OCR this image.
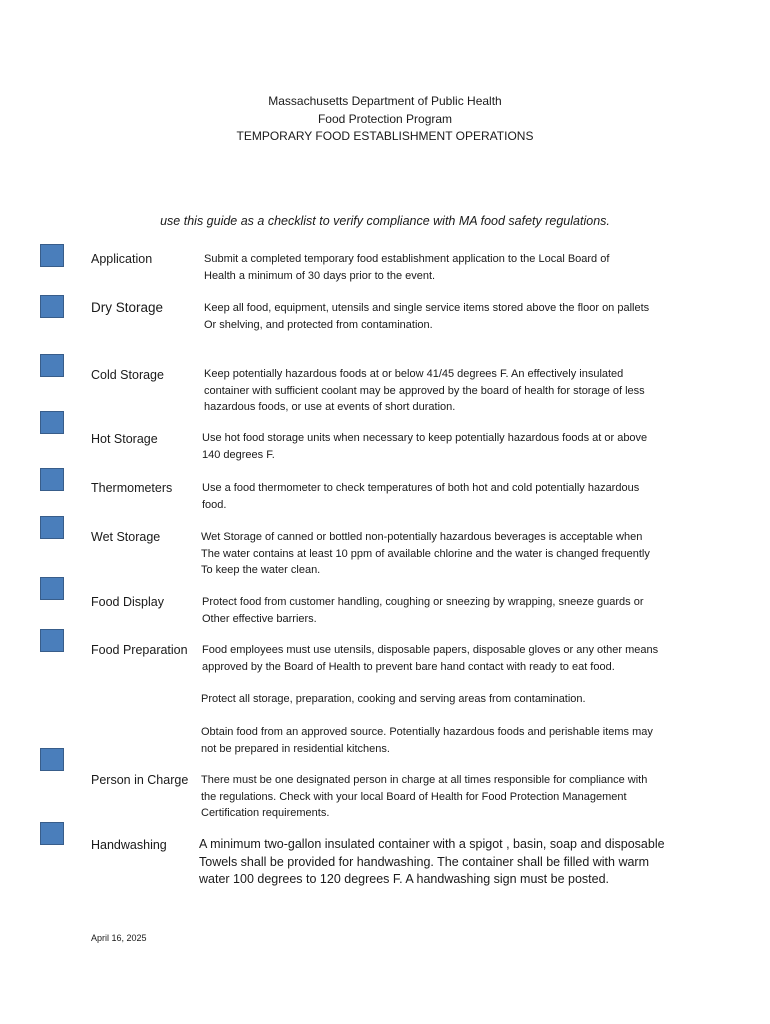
Massachusetts Department of Public Health
Food Protection Program
TEMPORARY FOOD ESTABLISHMENT OPERATIONS
use this guide as a checklist to verify compliance with MA food safety regulations.
Application
Dry Storage
Cold Storage
Hot Storage
Thermometers
Wet Storage
Food Display
Food Preparation
Person in Charge
Handwashing
Submit a completed temporary food establishment application to the Local Board of
Health a minimum of 30 days prior to the event.
Keep all food, equipment, utensils and single service items stored above the floor on pallets
Or shelving, and protected from contamination.
Keep potentially hazardous foods at or below 41/45 degrees F. An effectively insulated
container with sufficient coolant may be approved by the board of health for storage of less
hazardous foods, or use at events of short duration.
Use hot food storage units when necessary to keep potentially hazardous foods at or above
140 degrees F.
Use a food thermometer to check temperatures of both hot and cold potentially hazardous
food.
Wet Storage of canned or bottled non-potentially hazardous beverages is acceptable when
The water contains at least 10 ppm of available chlorine and the water is changed frequently
To keep the water clean.
Protect food from customer handling, coughing or sneezing by wrapping, sneeze guards or
Other effective barriers.
Food employees must use utensils, disposable papers, disposable gloves or any other means
approved by the Board of Health to prevent bare hand contact with ready to eat food.
Protect all storage, preparation, cooking and serving areas from contamination.
Obtain food from an approved source. Potentially hazardous foods and perishable items may
not be prepared in residential kitchens.
There must be one designated person in charge at all times responsible for compliance with
the regulations. Check with your local Board of Health for Food Protection Management
Certification requirements.
A minimum two-gallon insulated container with a spigot , basin, soap and disposable
Towels shall be provided for handwashing. The container shall be filled with warm
water 100 degrees to 120 degrees F. A handwashing sign must be posted.
April 16, 2025
